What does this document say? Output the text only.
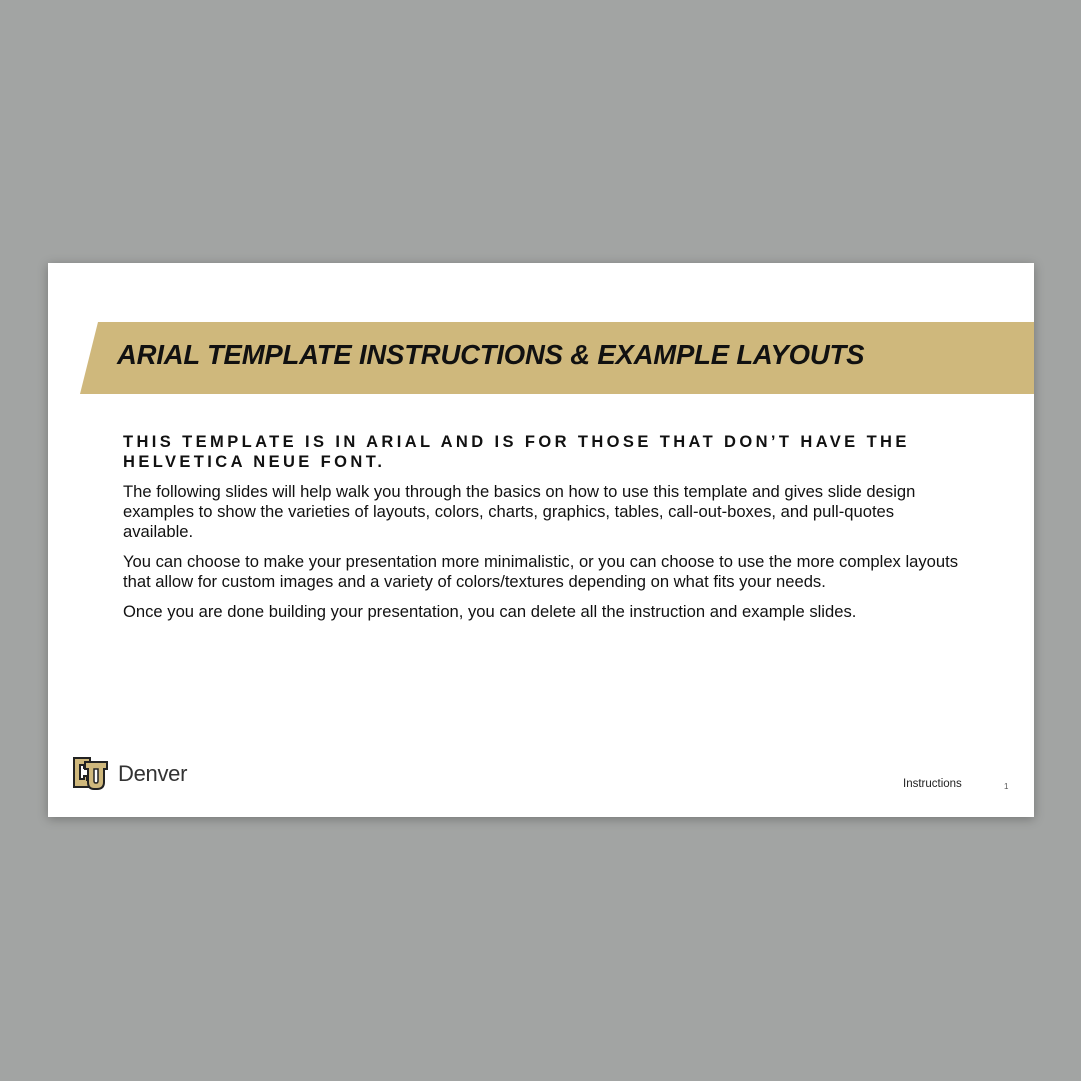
ARIAL TEMPLATE INSTRUCTIONS & EXAMPLE LAYOUTS
THIS TEMPLATE IS IN ARIAL AND IS FOR THOSE THAT DON’T HAVE THE HELVETICA NEUE FONT.

The following slides will help walk you through the basics on how to use this template and gives slide design examples to show the varieties of layouts, colors, charts, graphics, tables, call-out-boxes, and pull-quotes available.

You can choose to make your presentation more minimalistic, or you can choose to use the more complex layouts that allow for custom images and a variety of colors/textures depending on what fits your needs.

Once you are done building your presentation, you can delete all the instruction and example slides.

Denver	Instructions	1
